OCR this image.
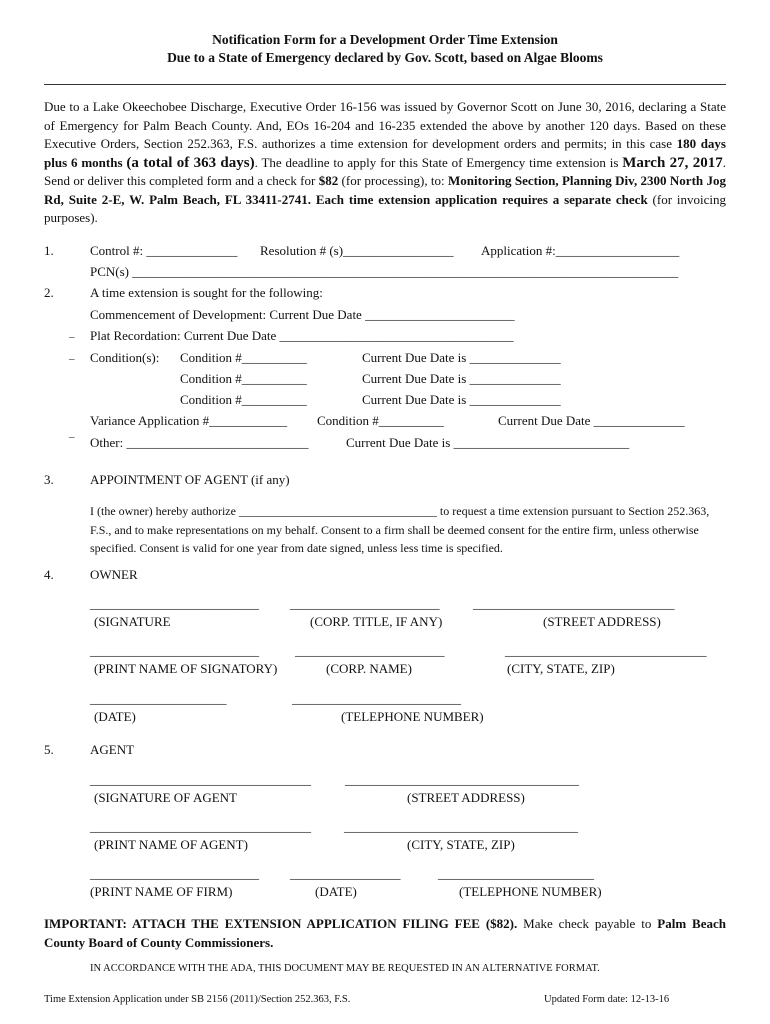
Notification Form for a Development Order Time Extension
Due to a State of Emergency declared by Gov. Scott, based on Algae Blooms
Due to a Lake Okeechobee Discharge, Executive Order 16-156 was issued by Governor Scott on June 30, 2016, declaring a State of Emergency for Palm Beach County. And, EOs 16-204 and 16-235 extended the above by another 120 days. Based on these Executive Orders, Section 252.363, F.S. authorizes a time extension for development orders and permits; in this case 180 days plus 6 months (a total of 363 days). The deadline to apply for this State of Emergency time extension is March 27, 2017. Send or deliver this completed form and a check for $82 (for processing), to: Monitoring Section, Planning Div, 2300 North Jog Rd, Suite 2-E, W. Palm Beach, FL 33411-2741. Each time extension application requires a separate check (for invoicing purposes).
1.	Control #: ______________ Resolution # (s)_________________ Application #:___________________
PCN(s) ____________________________________________________________________________________
2.	A time extension is sought for the following:
Commencement of Development: Current Due Date _______________________
_ Plat Recordation: Current Due Date ____________________________________
_ Condition(s): Condition #__________	Current Due Date is ______________
Condition #__________	Current Due Date is ______________
Condition #__________	Current Due Date is ______________
Variance Application #____________ Condition #__________	Current Due Date ______________
_
Other: ____________________________	Current Due Date is ___________________________
3.	APPOINTMENT OF AGENT (if any)
I (the owner) hereby authorize _________________________________ to request a time extension pursuant to Section 252.363, F.S., and to make representations on my behalf. Consent to a firm shall be deemed consent for the entire firm, unless otherwise specified. Consent is valid for one year from date signed, unless less time is specified.
4.	OWNER
__________________________ _______________________	_______________________________
(SIGNATURE	(CORP. TITLE, IF ANY)	(STREET ADDRESS)
__________________________	_______________________	_______________________________
(PRINT NAME OF SIGNATORY)	(CORP. NAME)	(CITY, STATE, ZIP)
_____________________	__________________________
(DATE)	(TELEPHONE NUMBER)
5.	AGENT
__________________________________	____________________________________
(SIGNATURE OF AGENT	(STREET ADDRESS)
__________________________________	____________________________________
(PRINT NAME OF AGENT)	(CITY, STATE, ZIP)
__________________________ _________________	________________________
(PRINT NAME OF FIRM)	(DATE)	(TELEPHONE NUMBER)
IMPORTANT: ATTACH THE EXTENSION APPLICATION FILING FEE ($82). Make check payable to Palm Beach County Board of County Commissioners.
IN ACCORDANCE WITH THE ADA, THIS DOCUMENT MAY BE REQUESTED IN AN ALTERNATIVE FORMAT.
Time Extension Application under SB 2156 (2011)/Section 252.363, F.S.	Updated Form date: 12-13-16
